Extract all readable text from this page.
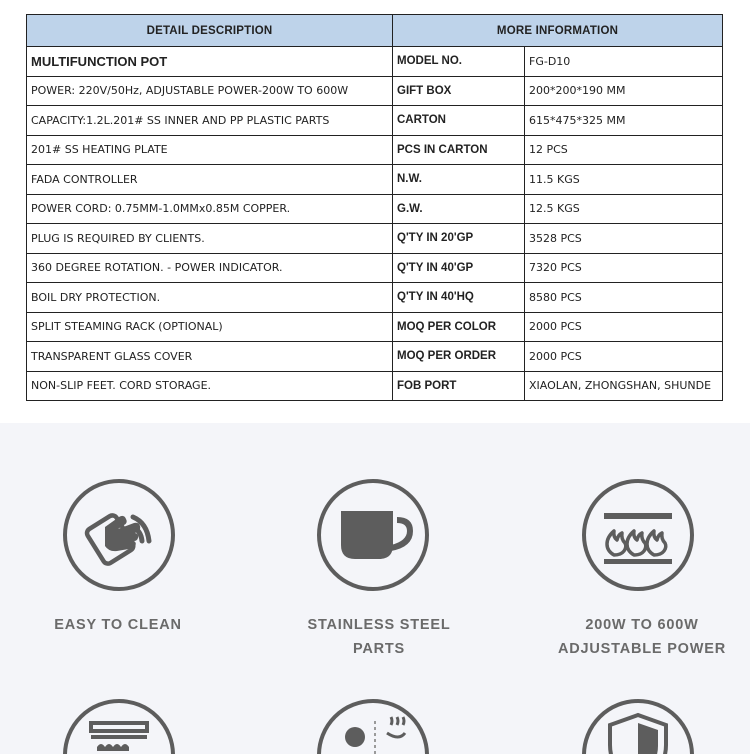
DETAIL DESCRIPTION	MORE INFORMATION	
MULTIFUNCTION POT	MODEL NO.	FG-D10
POWER: 220V/50Hz, ADJUSTABLE POWER-200W TO 600W	GIFT BOX	200*200*190 MM
CAPACITY:1.2L.201# SS INNER AND PP PLASTIC PARTS	CARTON	615*475*325 MM
201# SS HEATING PLATE	PCS IN CARTON	12 PCS
FADA CONTROLLER	N.W.	11.5 KGS
POWER CORD: 0.75MM-1.0MMx0.85M COPPER.	G.W.	12.5 KGS
PLUG IS REQUIRED BY CLIENTS.	Q'TY IN 20'GP	3528 PCS
360 DEGREE ROTATION. - POWER INDICATOR.	Q'TY IN 40'GP	7320 PCS
BOIL DRY PROTECTION.	Q'TY IN 40'HQ	8580 PCS
SPLIT STEAMING RACK (OPTIONAL)	MOQ PER COLOR	2000 PCS
TRANSPARENT GLASS COVER	MOQ PER ORDER	2000 PCS
NON-SLIP FEET. CORD STORAGE.	FOB PORT	XIAOLAN, ZHONGSHAN, SHUNDE
EASY TO CLEAN	STAINLESS STEEL
PARTS
200W TO 600W
ADJUSTABLE POWER
